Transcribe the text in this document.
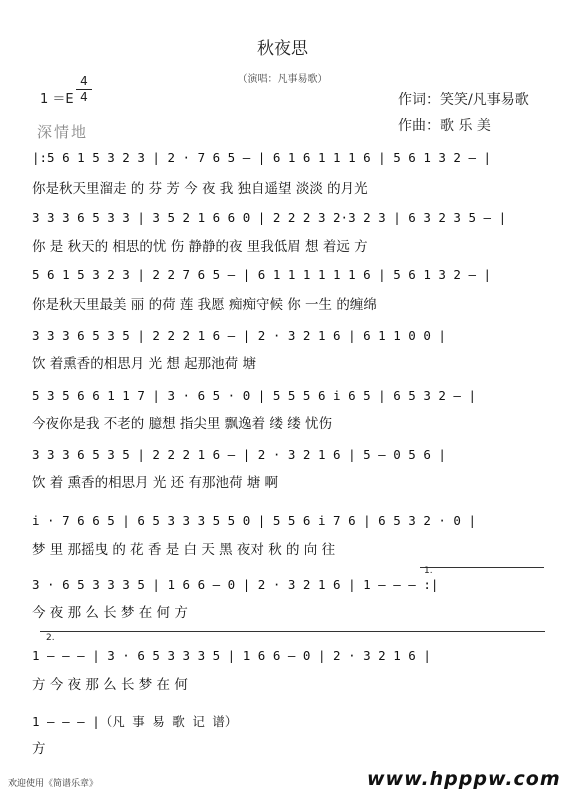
秋夜思
（演唱：凡事易歌）
1 ＝E
4
4	作词：笑笑/凡事易歌
作曲：歌 乐 美
深情地
|:5 6 1 5 3 2 3 | 2 · 7 6 5 – | 6 1 6 1 1 1 6 | 5 6 1 3 2 – |
你是秋天里溜走 的 芬 芳 今 夜 我 独自遥望 淡淡 的月光
3 3 3 6 5 3 3 | 3 5 2 1 6 6 0 | 2 2 2 3 2·3 2 3 | 6 3 2 3 5 – |
你 是 秋天的 相思的忧 伤 静静的夜 里我低眉 想 着远 方
5 6 1 5 3 2 3 | 2 2 7 6 5 – | 6 1 1 1 1 1 1 6 | 5 6 1 3 2 – |
你是秋天里最美 丽 的荷 莲 我愿 痴痴守候 你 一生 的缠绵
3 3 3 6 5 3 5 | 2 2 2 1 6 – | 2 · 3 2 1 6 | 6 1 1 0 0 |
饮 着熏香的相思月 光 想 起那池荷 塘
5 3 5 6 6 1 1 7 | 3 · 6 5 · 0 | 5 5 5 6 i 6 5 | 6 5 3 2 – |
今夜你是我 不老的 臆想 指尖里 飘逸着 缕 缕 忧伤
3 3 3 6 5 3 5 | 2 2 2 1 6 – | 2 · 3 2 1 6 | 5 – 0 5 6 |
饮 着 熏香的相思月 光 还 有那池荷 塘 啊
i · 7 6 6 5 | 6 5 3 3 3 5 5 0 | 5 5 6 i 7 6 | 6 5 3 2 · 0 |
梦 里 那摇曳 的 花 香 是 白 天 黑 夜对 秋 的 向 往
1.
3 · 6 5 3 3 3 5 | 1 6 6 – 0 | 2 · 3 2 1 6 | 1 – – – :|
今 夜 那 么 长 梦 在 何 方
2.
1 – – – | 3 · 6 5 3 3 3 5 | 1 6 6 – 0 | 2 · 3 2 1 6 |
方 今 夜 那 么 长 梦 在 何
1 – – – |（凡 事 易 歌 记 谱）
方
欢迎使用《简谱乐章》	www.hpppw.com
